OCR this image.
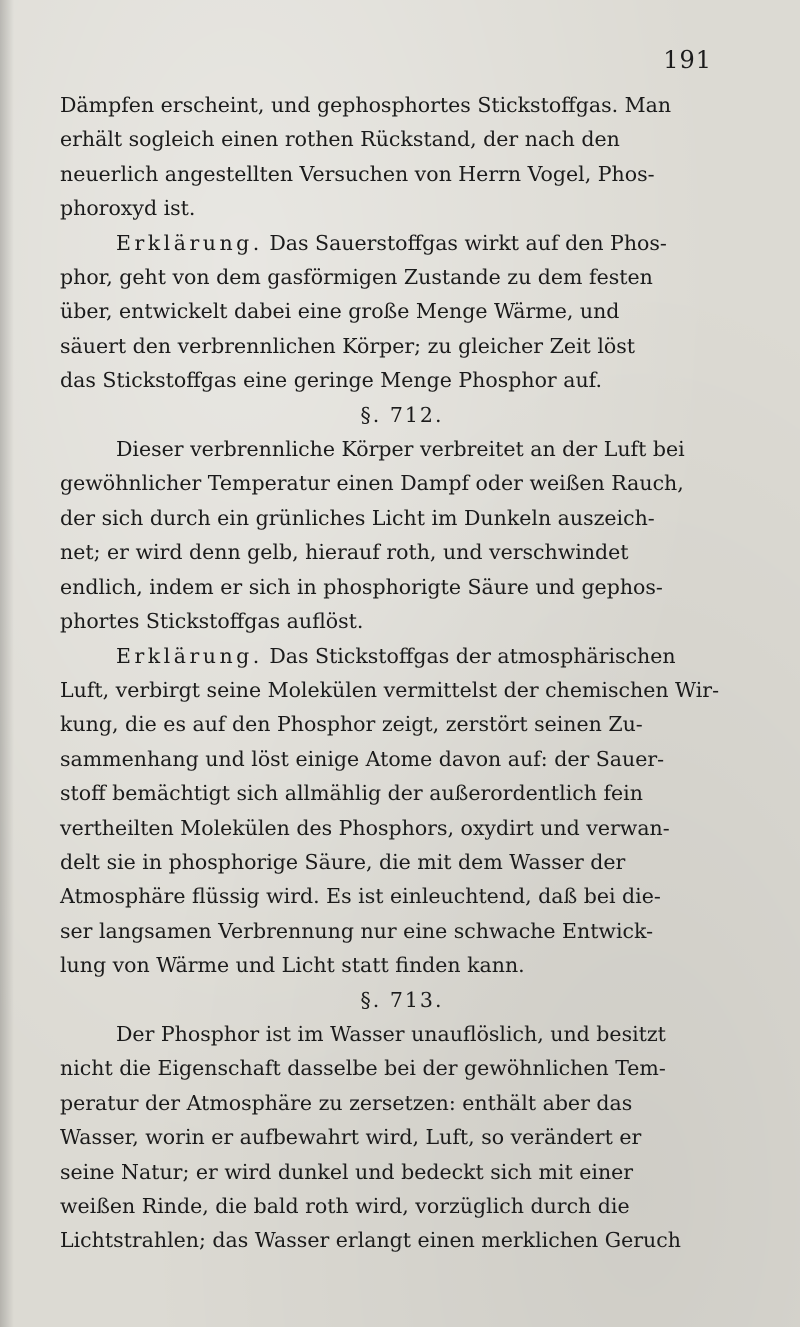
191
Dämpfen erscheint, und gephosphortes Stickstoffgas. Man
erhält sogleich einen rothen Rückstand, der nach den
neuerlich angestellten Versuchen von Herrn Vogel, Phos-
phoroxyd ist.
Erklärung. Das Sauerstoffgas wirkt auf den Phos-
phor, geht von dem gasförmigen Zustande zu dem festen
über, entwickelt dabei eine große Menge Wärme, und
säuert den verbrennlichen Körper; zu gleicher Zeit löst
das Stickstoffgas eine geringe Menge Phosphor auf.
§. 712.
Dieser verbrennliche Körper verbreitet an der Luft bei
gewöhnlicher Temperatur einen Dampf oder weißen Rauch,
der sich durch ein grünliches Licht im Dunkeln auszeich-
net; er wird denn gelb, hierauf roth, und verschwindet
endlich, indem er sich in phosphorigte Säure und gephos-
phortes Stickstoffgas auflöst.
Erklärung. Das Stickstoffgas der atmosphärischen
Luft, verbirgt seine Molekülen vermittelst der chemischen Wir-
kung, die es auf den Phosphor zeigt, zerstört seinen Zu-
sammenhang und löst einige Atome davon auf: der Sauer-
stoff bemächtigt sich allmählig der außerordentlich fein
vertheilten Molekülen des Phosphors, oxydirt und verwan-
delt sie in phosphorige Säure, die mit dem Wasser der
Atmosphäre flüssig wird. Es ist einleuchtend, daß bei die-
ser langsamen Verbrennung nur eine schwache Entwick-
lung von Wärme und Licht statt finden kann.
§. 713.
Der Phosphor ist im Wasser unauflöslich, und besitzt
nicht die Eigenschaft dasselbe bei der gewöhnlichen Tem-
peratur der Atmosphäre zu zersetzen: enthält aber das
Wasser, worin er aufbewahrt wird, Luft, so verändert er
seine Natur; er wird dunkel und bedeckt sich mit einer
weißen Rinde, die bald roth wird, vorzüglich durch die
Lichtstrahlen; das Wasser erlangt einen merklichen Geruch
